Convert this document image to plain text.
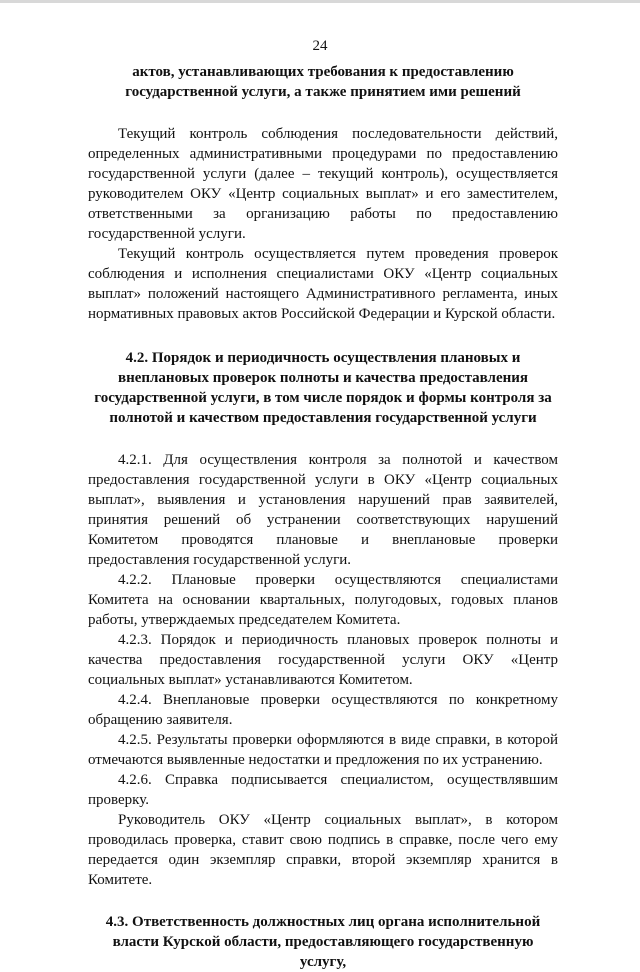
24

актов, устанавливающих требования к предоставлению государственной услуги, а также принятием ими решений

Текущий контроль соблюдения последовательности действий, определенных административными процедурами по предоставлению государственной услуги (далее – текущий контроль), осуществляется руководителем ОКУ «Центр социальных выплат» и его заместителем, ответственными за организацию работы по предоставлению государственной услуги.

Текущий контроль осуществляется путем проведения проверок соблюдения и исполнения специалистами ОКУ «Центр социальных выплат» положений настоящего Административного регламента, иных нормативных правовых актов Российской Федерации и Курской области.

4.2. Порядок и периодичность осуществления плановых и внеплановых проверок полноты и качества предоставления государственной услуги, в том числе порядок и формы контроля за полнотой и качеством предоставления государственной услуги

4.2.1. Для осуществления контроля за полнотой и качеством предоставления государственной услуги в ОКУ «Центр социальных выплат», выявления и установления нарушений прав заявителей, принятия решений об устранении соответствующих нарушений Комитетом проводятся плановые и внеплановые проверки предоставления государственной услуги.

4.2.2. Плановые проверки осуществляются специалистами Комитета на основании квартальных, полугодовых, годовых планов работы, утверждаемых председателем Комитета.

4.2.3. Порядок и периодичность плановых проверок полноты и качества предоставления государственной услуги ОКУ «Центр социальных выплат» устанавливаются Комитетом.

4.2.4. Внеплановые проверки осуществляются по конкретному обращению заявителя.

4.2.5. Результаты проверки оформляются в виде справки, в которой отмечаются выявленные недостатки и предложения по их устранению.

4.2.6. Справка подписывается специалистом, осуществлявшим проверку.

Руководитель ОКУ «Центр социальных выплат», в котором проводилась проверка, ставит свою подпись в справке, после чего ему передается один экземпляр справки, второй экземпляр хранится в Комитете.

4.3. Ответственность должностных лиц органа исполнительной власти Курской области, предоставляющего государственную услугу,
